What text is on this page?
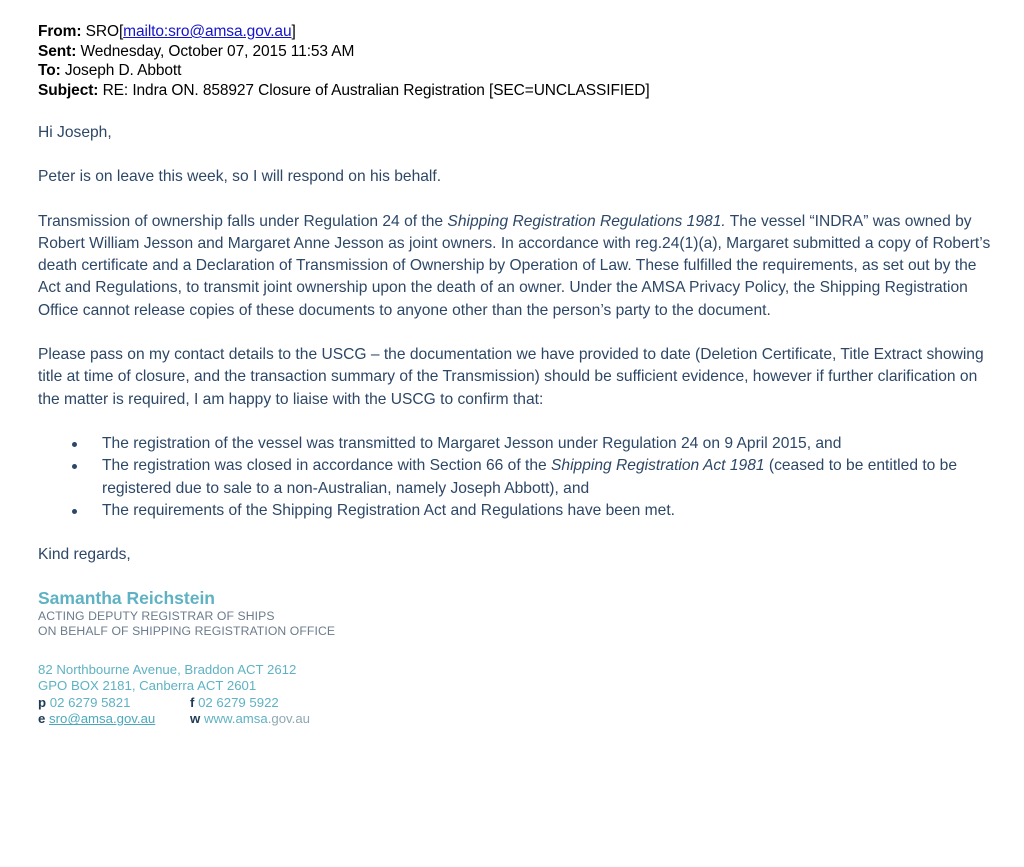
From: SRO[mailto:sro@amsa.gov.au]
Sent: Wednesday, October 07, 2015 11:53 AM
To: Joseph D. Abbott
Subject: RE: Indra ON. 858927 Closure of Australian Registration [SEC=UNCLASSIFIED]

Hi Joseph,

Peter is on leave this week, so I will respond on his behalf.

Transmission of ownership falls under Regulation 24 of the Shipping Registration Regulations 1981. The vessel “INDRA” was owned by Robert William Jesson and Margaret Anne Jesson as joint owners. In accordance with reg.24(1)(a), Margaret submitted a copy of Robert’s death certificate and a Declaration of Transmission of Ownership by Operation of Law. These fulfilled the requirements, as set out by the Act and Regulations, to transmit joint ownership upon the death of an owner. Under the AMSA Privacy Policy, the Shipping Registration Office cannot release copies of these documents to anyone other than the person’s party to the document.

Please pass on my contact details to the USCG – the documentation we have provided to date (Deletion Certificate, Title Extract showing title at time of closure, and the transaction summary of the Transmission) should be sufficient evidence, however if further clarification on the matter is required, I am happy to liaise with the USCG to confirm that:

The registration of the vessel was transmitted to Margaret Jesson under Regulation 24 on 9 April 2015, and
The registration was closed in accordance with Section 66 of the Shipping Registration Act 1981 (ceased to be entitled to be registered due to sale to a non-Australian, namely Joseph Abbott), and
The requirements of the Shipping Registration Act and Regulations have been met.

Kind regards,

Samantha Reichstein

ACTING DEPUTY REGISTRAR OF SHIPS

ON BEHALF OF SHIPPING REGISTRATION OFFICE

82 Northbourne Avenue, Braddon ACT 2612
GPO BOX 2181, Canberra ACT 2601
p 02 6279 5821	f 02 6279 5922
e sro@amsa.gov.au	w www.amsa.gov.au
